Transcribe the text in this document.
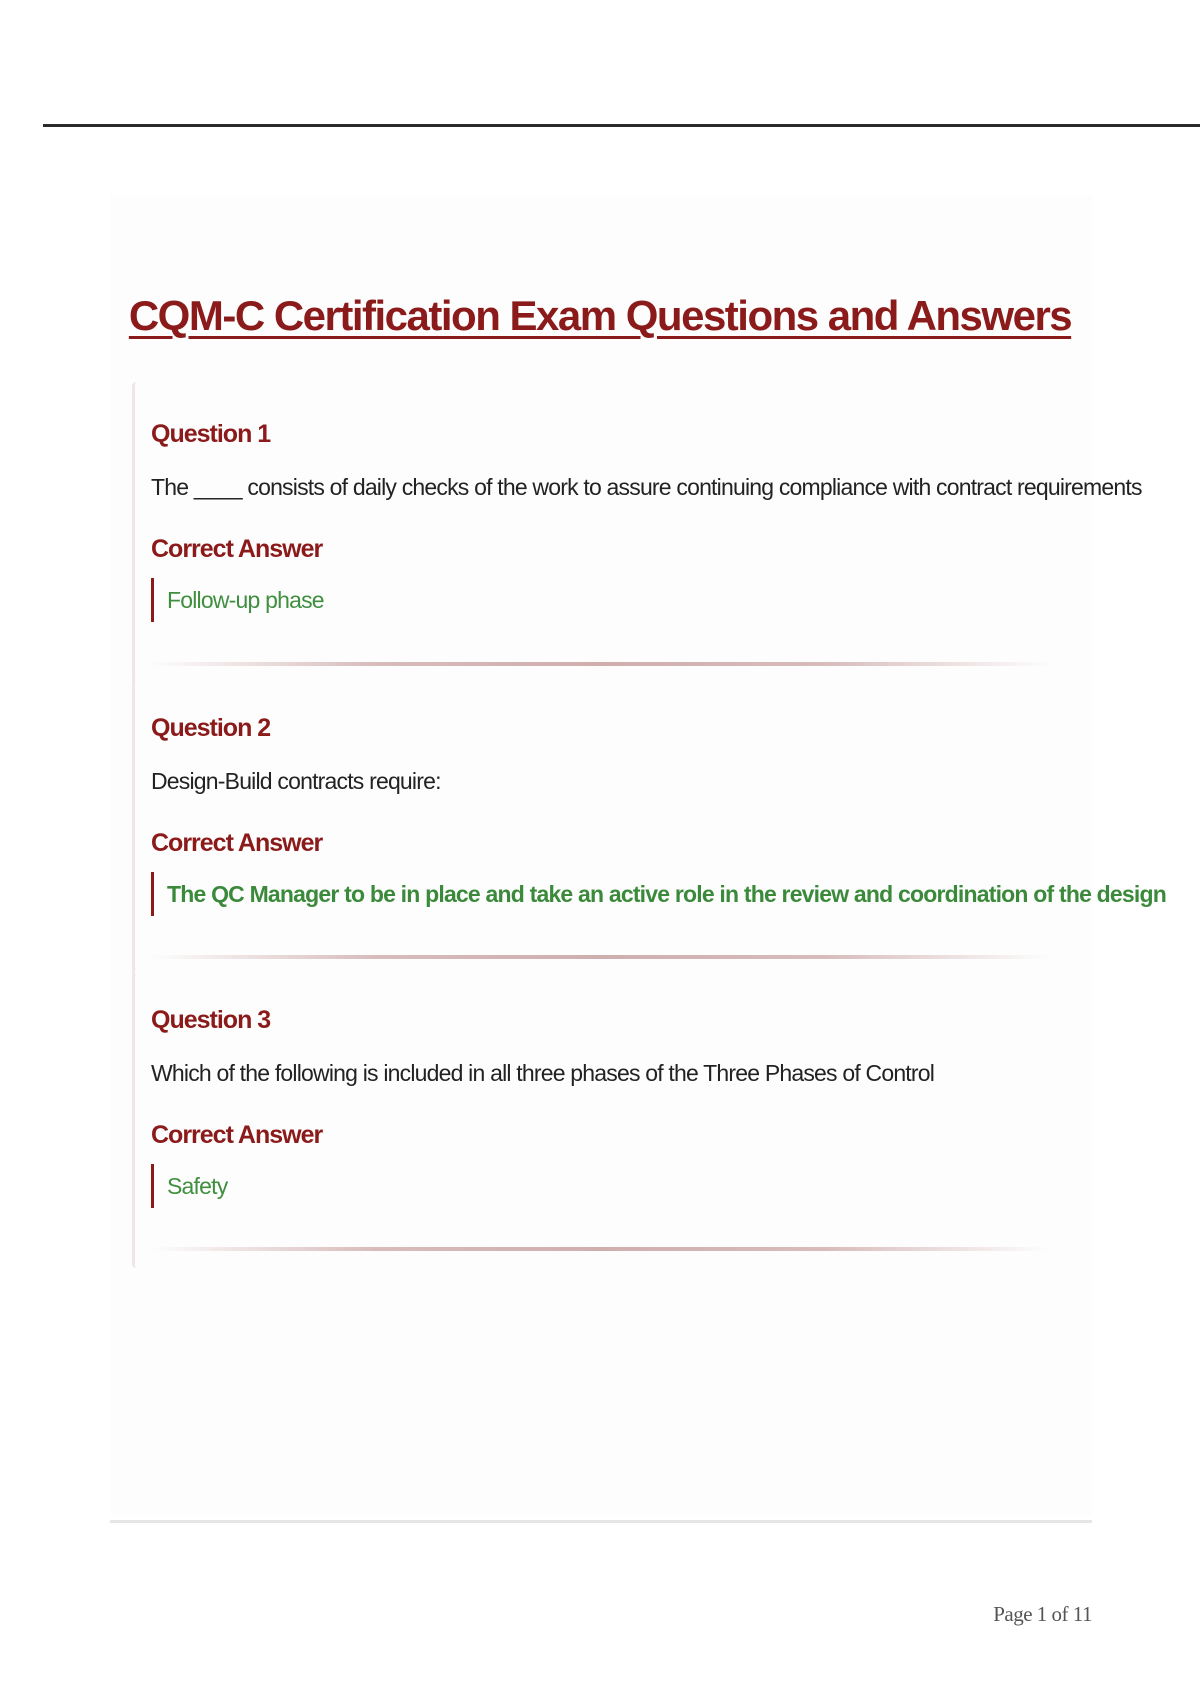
CQM-C Certification Exam Questions and Answers
Question 1
The ____ consists of daily checks of the work to assure continuing compliance with contract requirements
Correct Answer
Follow-up phase
Question 2
Design-Build contracts require:
Correct Answer
The QC Manager to be in place and take an active role in the review and coordination of the design
Question 3
Which of the following is included in all three phases of the Three Phases of Control
Correct Answer
Safety
Page 1 of 11
